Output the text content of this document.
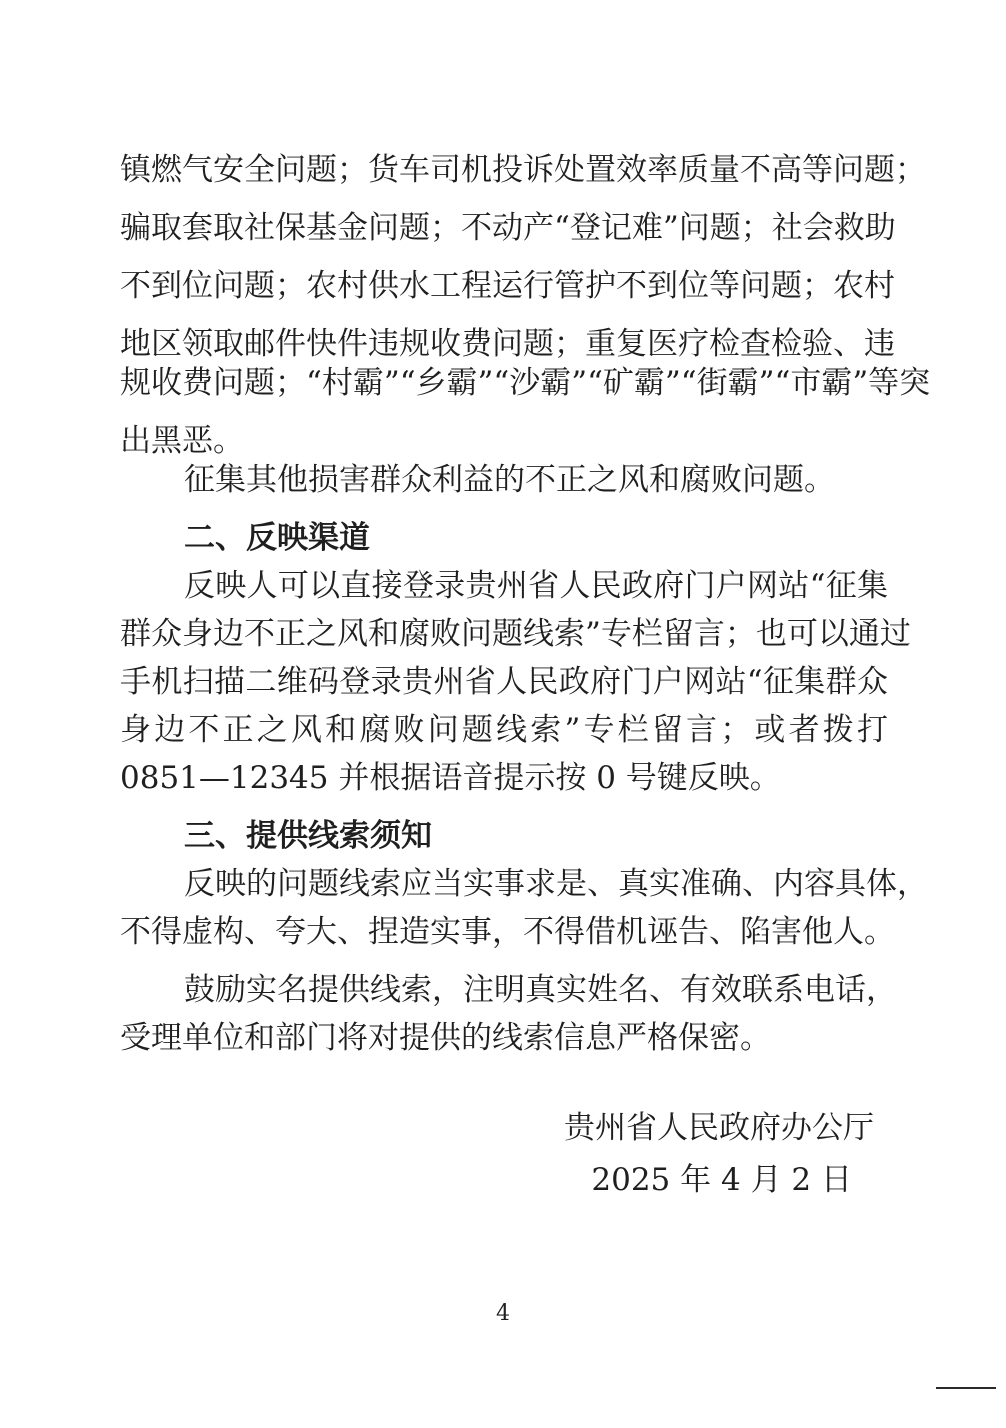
镇燃气安全问题；货车司机投诉处置效率质量不高等问题；
骗取套取社保基金问题；不动产“登记难”问题；社会救助
不到位问题；农村供水工程运行管护不到位等问题；农村
地区领取邮件快件违规收费问题；重复医疗检查检验、违
规收费问题；“村霸”“乡霸”“沙霸”“矿霸”“街霸”“市霸”等突
出黑恶。
征集其他损害群众利益的不正之风和腐败问题。
二、反映渠道
反映人可以直接登录贵州省人民政府门户网站“征集
群众身边不正之风和腐败问题线索”专栏留言；也可以通过
手机扫描二维码登录贵州省人民政府门户网站“征集群众
身边不正之风和腐败问题线索”专栏留言；或者拨打
0851—12345 并根据语音提示按 0 号键反映。
三、提供线索须知
反映的问题线索应当实事求是、真实准确、内容具体，
不得虚构、夸大、捏造实事，不得借机诬告、陷害他人。
鼓励实名提供线索，注明真实姓名、有效联系电话，
受理单位和部门将对提供的线索信息严格保密。
贵州省人民政府办公厅
2025 年 4 月 2 日
4
